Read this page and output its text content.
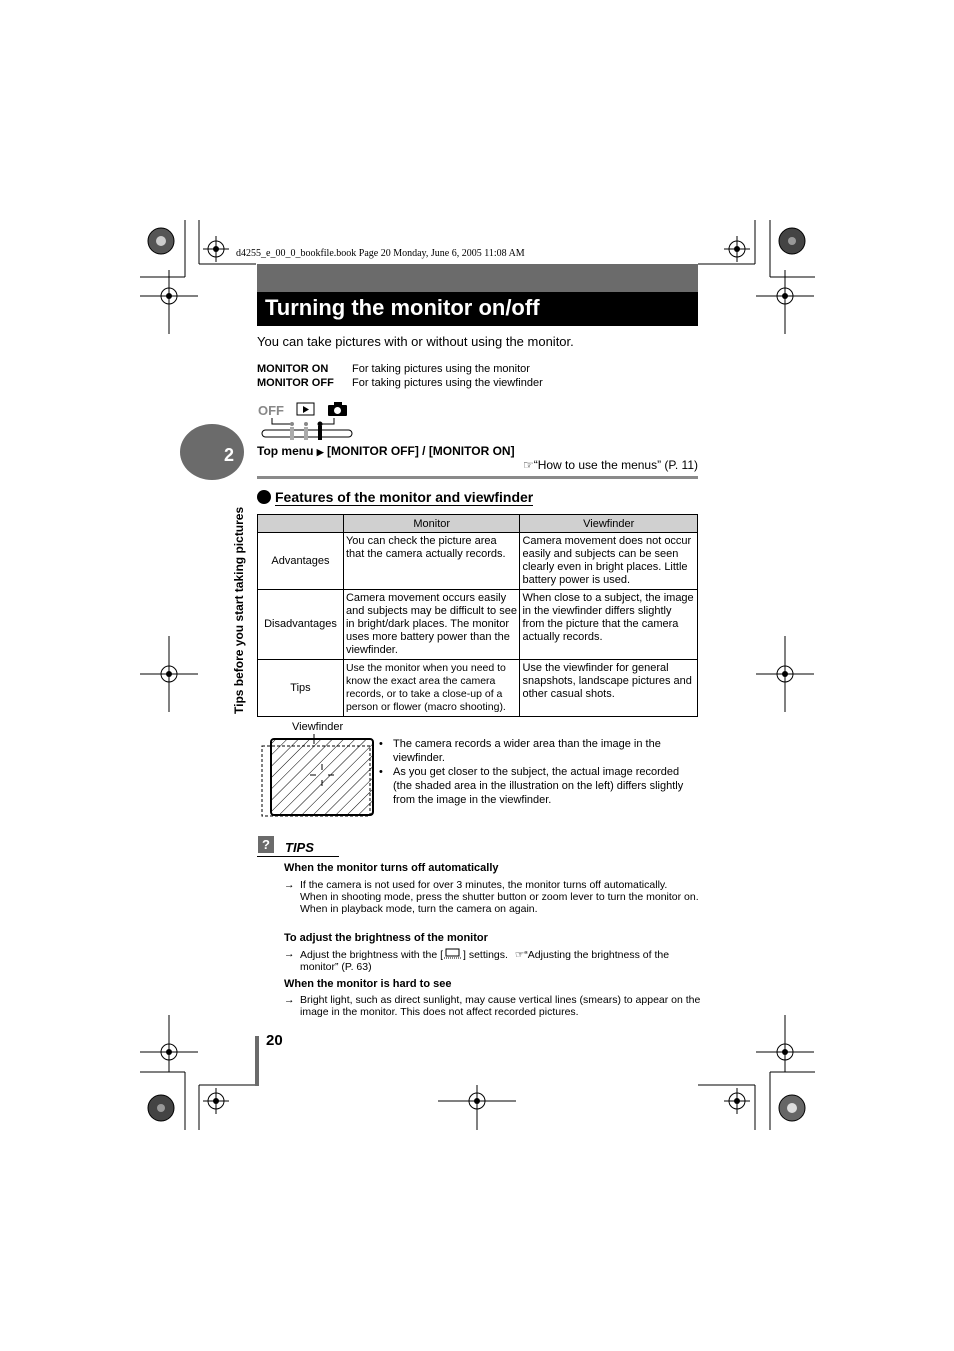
d4255_e_00_0_bookfile.book Page 20 Monday, June 6, 2005 11:08 AM
Turning the monitor on/off
You can take pictures with or without using the monitor.
MONITOR ON	For taking pictures using the monitor
MONITOR OFF	For taking pictures using the viewfinder
OFF
2
Tips before you start taking pictures
Top menu ▶ [MONITOR OFF] / [MONITOR ON]
☞“How to use the menus” (P. 11)
Features of the monitor and viewfinder
	Monitor	Viewfinder
Advantages	You can check the picture area that the camera actually records.	Camera movement does not occur easily and subjects can be seen clearly even in bright places. Little battery power is used.
Disadvantages	Camera movement occurs easily and subjects may be difficult to see in bright/dark places. The monitor uses more battery power than the viewfinder.	When close to a subject, the image in the viewfinder differs slightly from the picture that the camera actually records.
Tips	Use the monitor when you need to know the exact area the camera records, or to take a close-up of a person or flower (macro shooting).	Use the viewfinder for general snapshots, landscape pictures and other casual shots.
Viewfinder
• The camera records a wider area than the image in the viewfinder.
• As you get closer to the subject, the actual image recorded (the shaded area in the illustration on the left) differs slightly from the image in the viewfinder.
?	TIPS
When the monitor turns off automatically
→ If the camera is not used for over 3 minutes, the monitor turns off automatically.
When in shooting mode, press the shutter button or zoom lever to turn the monitor on.
When in playback mode, turn the camera on again.
To adjust the brightness of the monitor
→ Adjust the brightness with the [ ] settings. ☞“Adjusting the brightness of the monitor” (P. 63)
When the monitor is hard to see
→ Bright light, such as direct sunlight, may cause vertical lines (smears) to appear on the image in the monitor. This does not affect recorded pictures.
20
